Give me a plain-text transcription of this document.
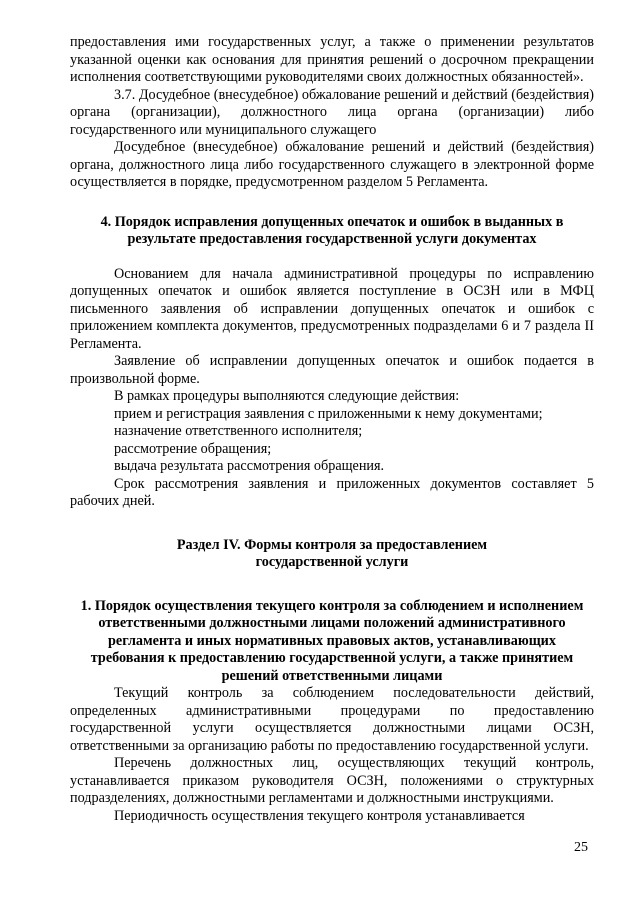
предоставления ими государственных услуг, а также о применении результатов указанной оценки как основания для принятия решений о досрочном прекращении исполнения соответствующими руководителями своих должностных обязанностей».

3.7. Досудебное (внесудебное) обжалование решений и действий (бездействия) органа (организации), должностного лица органа (организации) либо государственного или муниципального служащего

Досудебное (внесудебное) обжалование решений и действий (бездействия) органа, должностного лица либо государственного служащего в электронной форме осуществляется в порядке, предусмотренном разделом 5 Регламента.

4. Порядок исправления допущенных опечаток и ошибок в выданных в результате предоставления государственной услуги документах

Основанием для начала административной процедуры по исправлению допущенных опечаток и ошибок является поступление в ОСЗН или в МФЦ письменного заявления об исправлении допущенных опечаток и ошибок с приложением комплекта документов, предусмотренных подразделами 6 и 7 раздела II Регламента.

Заявление об исправлении допущенных опечаток и ошибок подается в произвольной форме.

В рамках процедуры выполняются следующие действия:

прием и регистрация заявления с приложенными к нему документами;

назначение ответственного исполнителя;

рассмотрение обращения;

выдача результата рассмотрения обращения.

Срок рассмотрения заявления и приложенных документов составляет 5 рабочих дней.

Раздел IV. Формы контроля за предоставлением

государственной услуги

1. Порядок осуществления текущего контроля за соблюдением и исполнением ответственными должностными лицами положений административного регламента и иных нормативных правовых актов, устанавливающих требования к предоставлению государственной услуги, а также принятием решений ответственными лицами

Текущий контроль за соблюдением последовательности действий, определенных административными процедурами по предоставлению государственной услуги осуществляется должностными лицами ОСЗН, ответственными за организацию работы по предоставлению государственной услуги.

Перечень должностных лиц, осуществляющих текущий контроль, устанавливается приказом руководителя ОСЗН, положениями о структурных подразделениях, должностными регламентами и должностными инструкциями.

Периодичность осуществления текущего контроля устанавливается

25
